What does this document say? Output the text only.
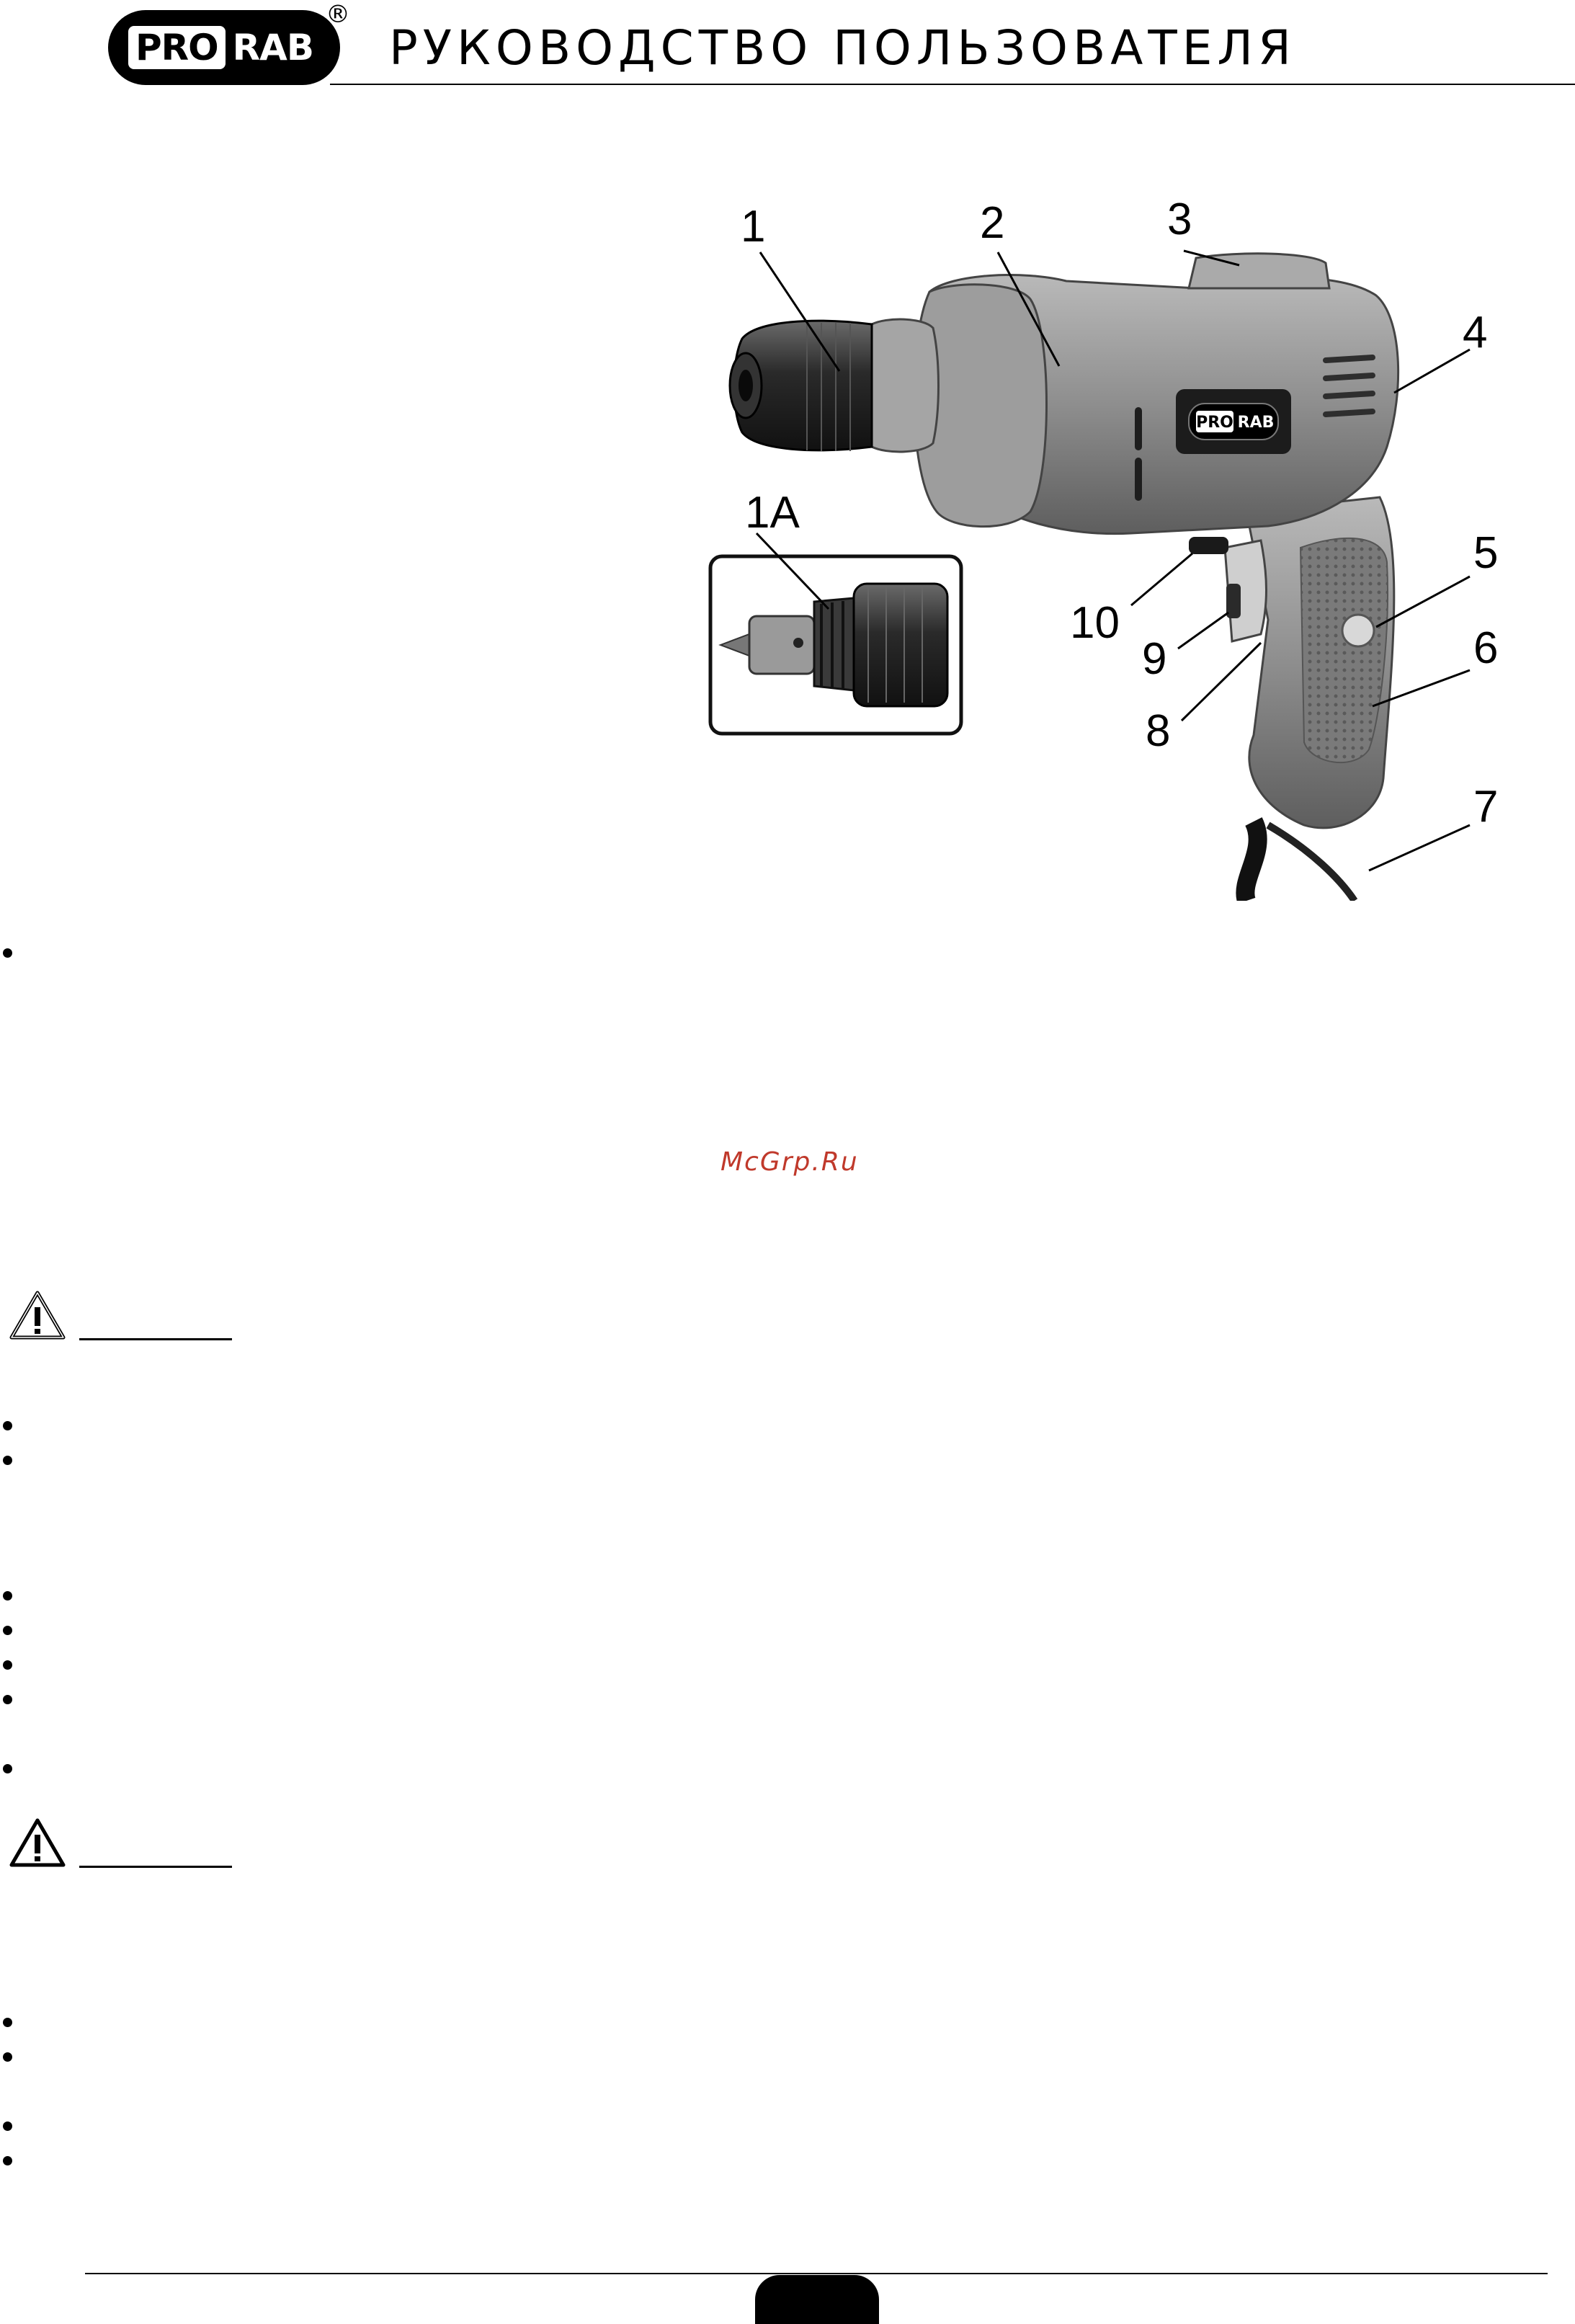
PRO RAB
®
РУКОВОДСТВО ПОЛЬЗОВАТЕЛЯ
PRO RAB
1	2	3
4
5
6
7
8
9
10
1A
McGrp.Ru
